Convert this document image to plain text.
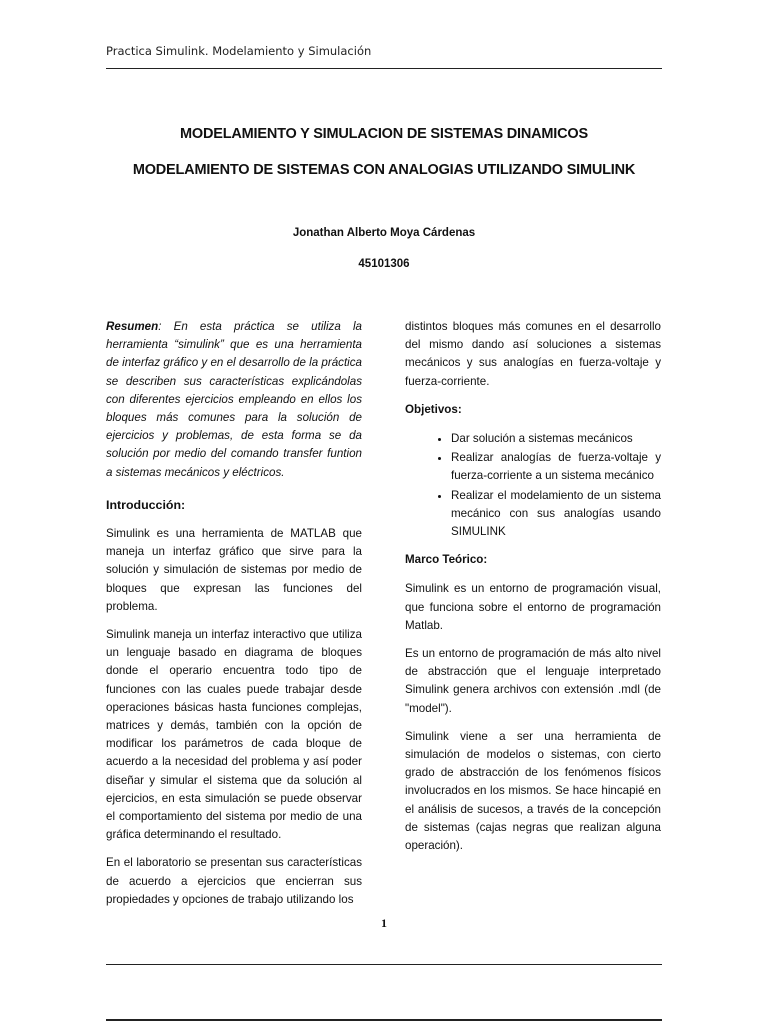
Practica Simulink. Modelamiento y Simulación
MODELAMIENTO Y SIMULACION DE SISTEMAS DINAMICOS
MODELAMIENTO DE SISTEMAS CON ANALOGIAS UTILIZANDO SIMULINK
Jonathan Alberto Moya Cárdenas
45101306

Resumen: En esta práctica se utiliza la herramienta “simulink” que es una herramienta de interfaz gráfico y en el desarrollo de la práctica se describen sus características explicándolas con diferentes ejercicios empleando en ellos los bloques más comunes para la solución de ejercicios y problemas, de esta forma se da solución por medio del comando transfer funtion a sistemas mecánicos y eléctricos.

Introducción:

Simulink es una herramienta de MATLAB que maneja un interfaz gráfico que sirve para la solución y simulación de sistemas por medio de bloques que expresan las funciones del problema.

Simulink maneja un interfaz interactivo que utiliza un lenguaje basado en diagrama de bloques donde el operario encuentra todo tipo de funciones con las cuales puede trabajar desde operaciones básicas hasta funciones complejas, matrices y demás, también con la opción de modificar los parámetros de cada bloque de acuerdo a la necesidad del problema y así poder diseñar y simular el sistema que da solución al ejercicios, en esta simulación se puede observar el comportamiento del sistema por medio de una gráfica determinando el resultado.

En el laboratorio se presentan sus características de acuerdo a ejercicios que encierran sus propiedades y opciones de trabajo utilizando los

distintos bloques más comunes en el desarrollo del mismo dando así soluciones a sistemas mecánicos y sus analogías en fuerza-voltaje y fuerza-corriente.

Objetivos:
• Dar solución a sistemas mecánicos
• Realizar analogías de fuerza-voltaje y fuerza-corriente a un sistema mecánico
• Realizar el modelamiento de un sistema mecánico con sus analogías usando SIMULINK
Marco Teórico:

Simulink es un entorno de programación visual, que funciona sobre el entorno de programación Matlab.

Es un entorno de programación de más alto nivel de abstracción que el lenguaje interpretado Simulink genera archivos con extensión .mdl (de "model").

Simulink viene a ser una herramienta de simulación de modelos o sistemas, con cierto grado de abstracción de los fenómenos físicos involucrados en los mismos. Se hace hincapié en el análisis de sucesos, a través de la concepción de sistemas (cajas negras que realizan alguna operación).

1
